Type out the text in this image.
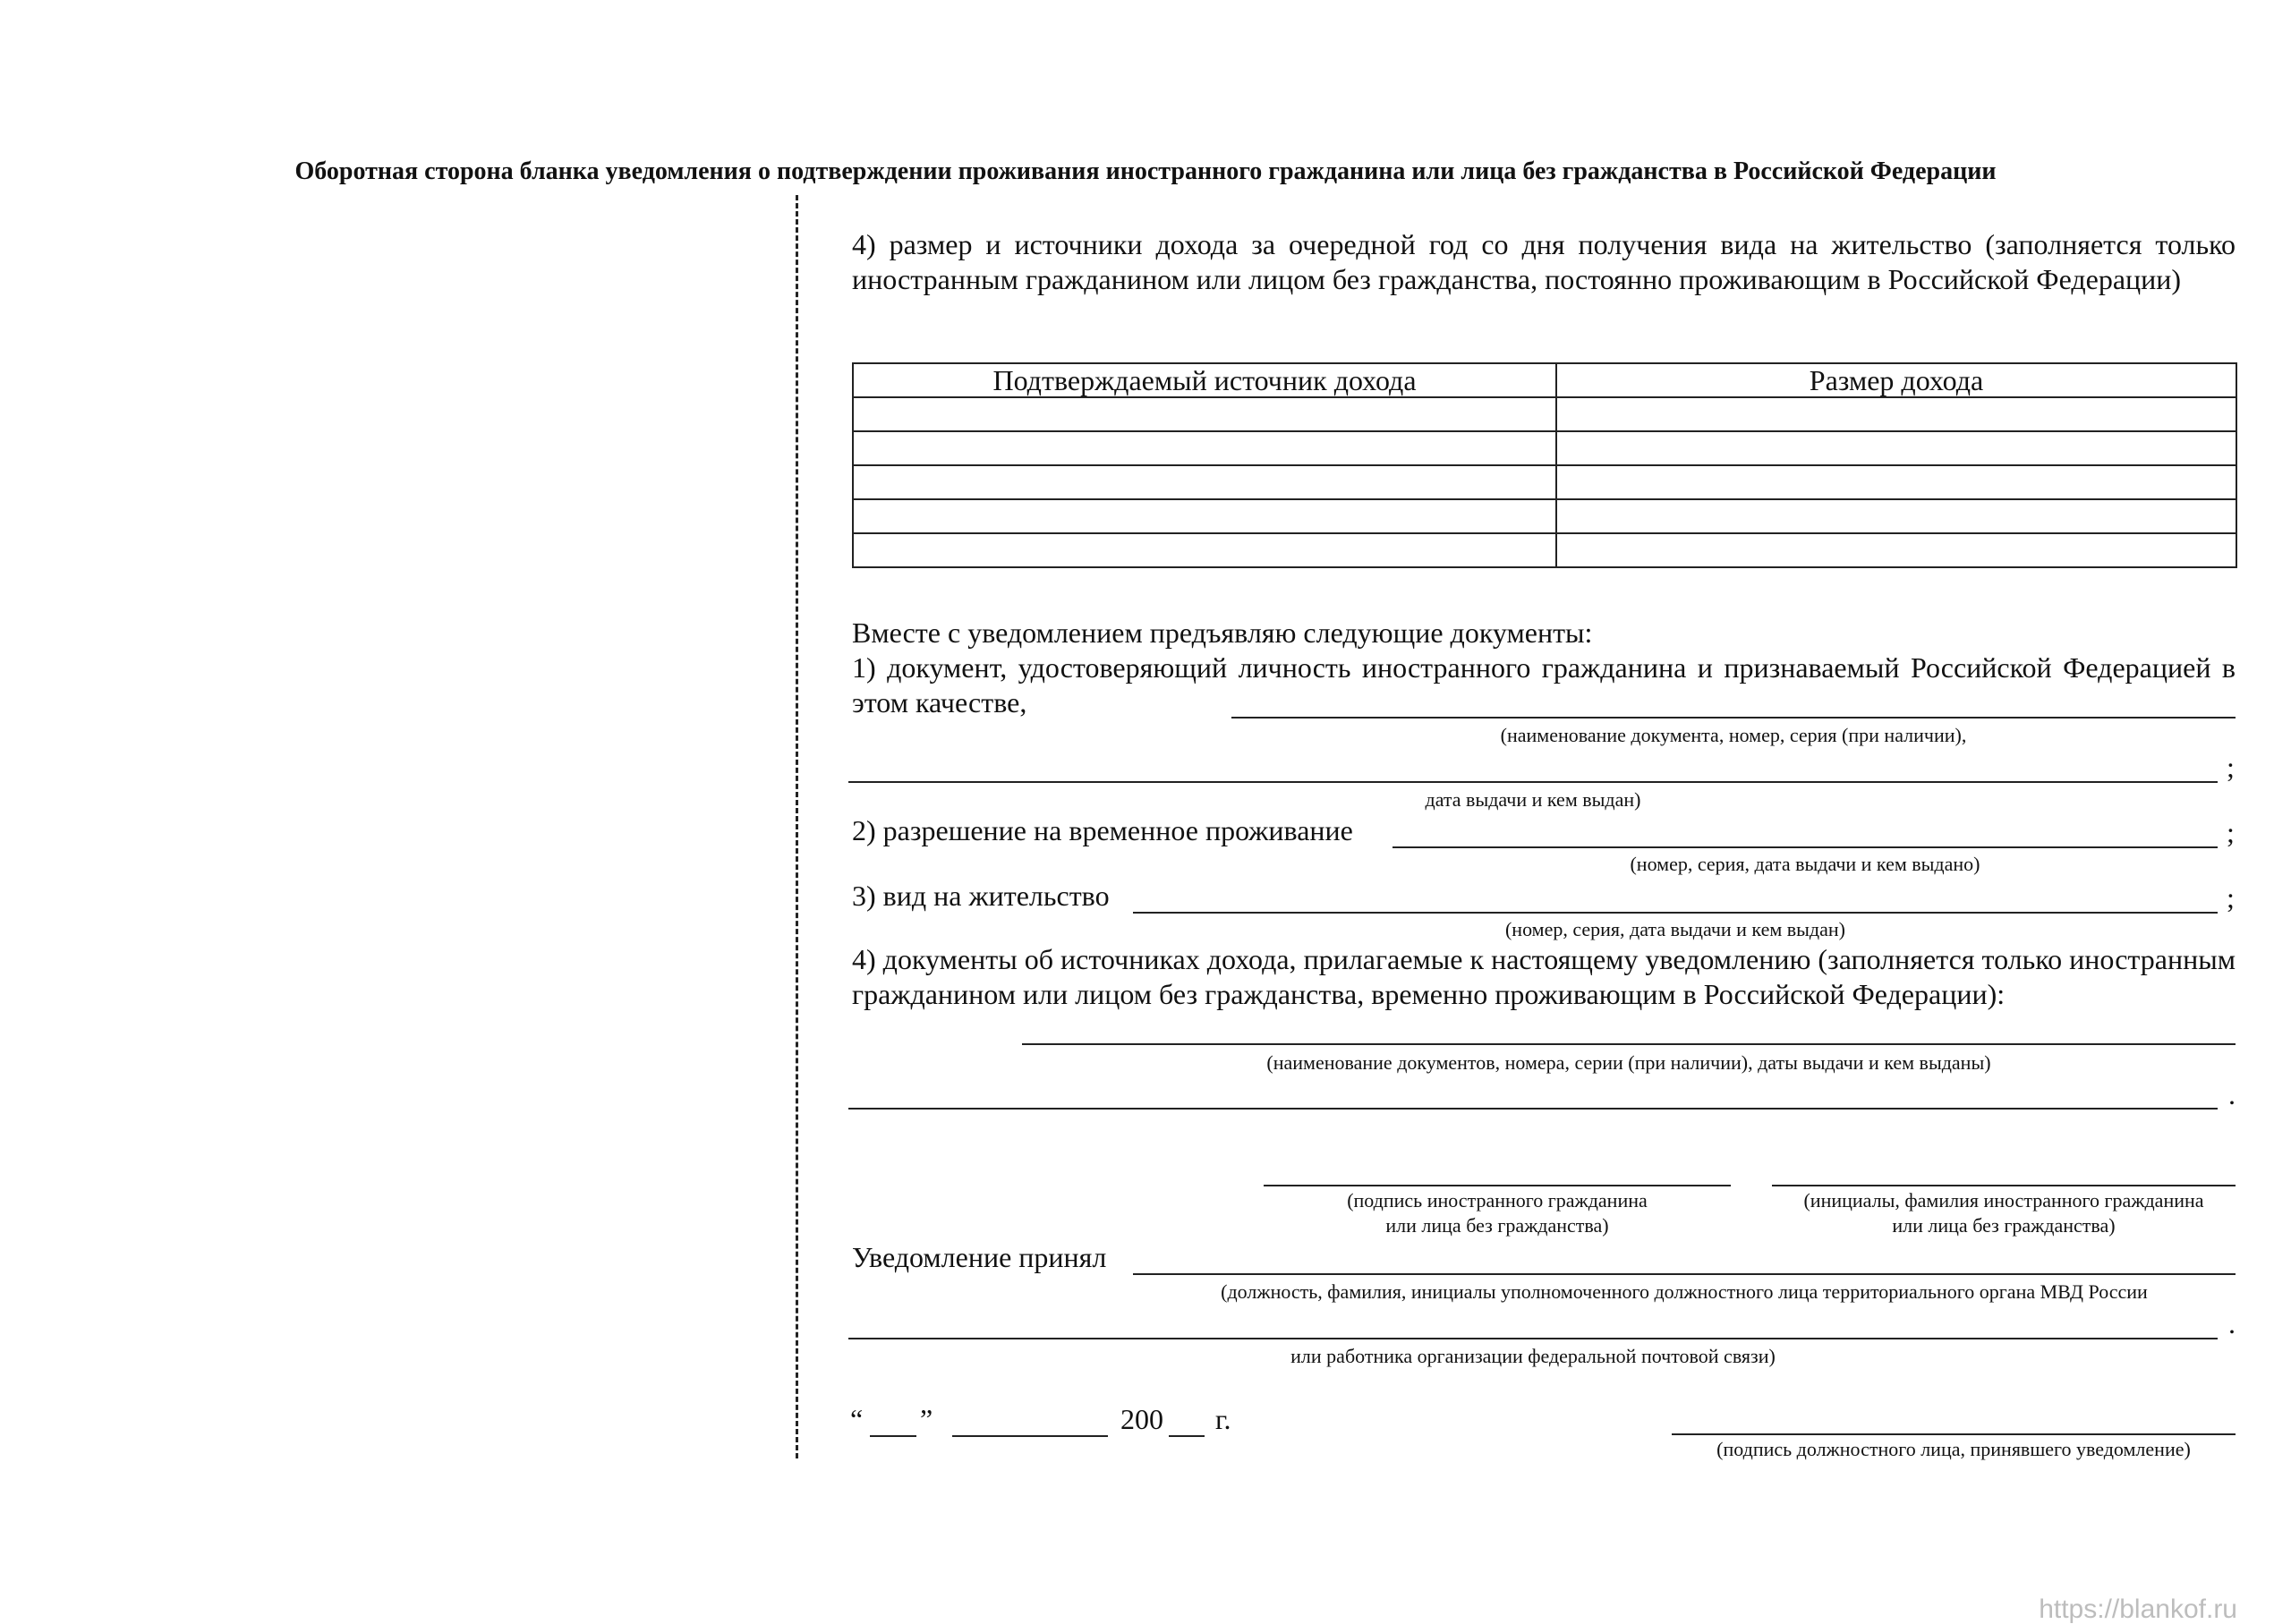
Оборотная сторона бланка уведомления о подтверждении проживания иностранного гражданина или лица без гражданства в Российской Федерации
4) размер и источники дохода за очередной год со дня получения вида на жительство (заполняется только иностранным гражданином или лицом без гражданства, постоянно проживающим в Российской Федерации)
Подтверждаемый источник дохода	Размер дохода

Вместе с уведомлением предъявляю следующие документы:
1) документ, удостоверяющий личность иностранного гражданина и признаваемый Российской Федерацией в этом качестве,
(наименование документа, номер, серия (при наличии),
;
дата выдачи и кем выдан)
2) разрешение на временное проживание	;
(номер, серия, дата выдачи и кем выдано)
3) вид на жительство	;
(номер, серия, дата выдачи и кем выдан)
4) документы об источниках дохода, прилагаемые к настоящему уведомлению (заполняется только иностранным гражданином или лицом без гражданства, временно проживающим в Российской Федерации):
(наименование документов, номера, серии (при наличии), даты выдачи и кем выданы)
.
(подпись иностранного гражданина
или лица без гражданства)
(инициалы, фамилия иностранного гражданина
или лица без гражданства)
Уведомление принял
(должность, фамилия, инициалы уполномоченного должностного лица территориального органа МВД России
.
или работника организации федеральной почтовой связи)
“ ”	200 г.
(подпись должностного лица, принявшего уведомление)
https://blankof.ru
